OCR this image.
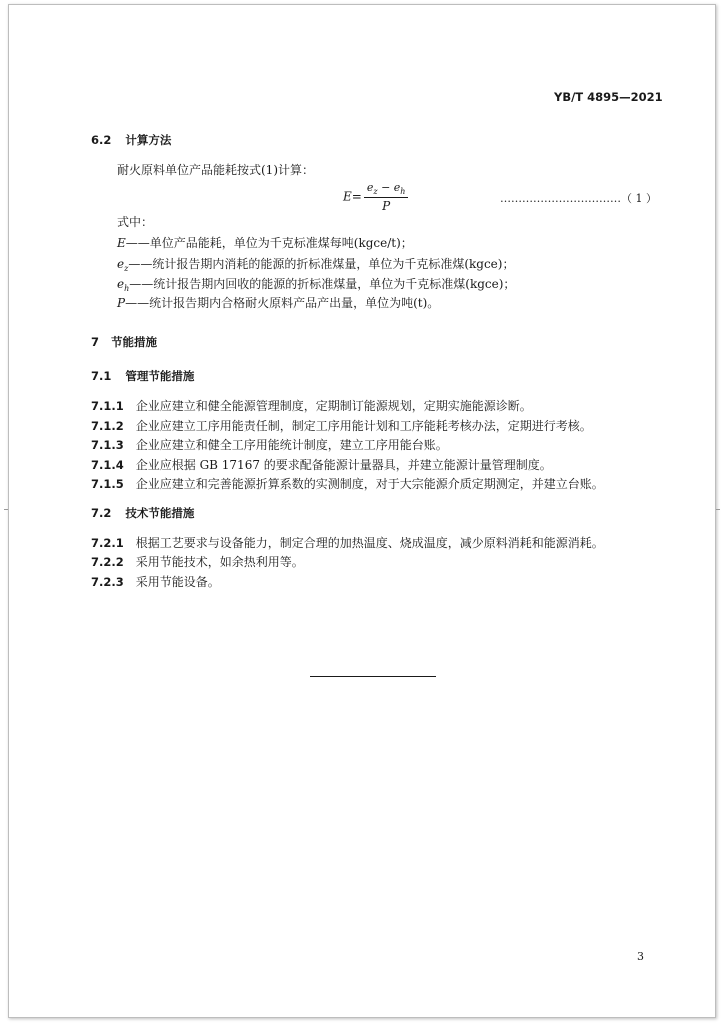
YB/T 4895—2021
6.2 计算方法
耐火原料单位产品能耗按式(1)计算：
$E= \frac{e_z - e_h}{P}$	……………………………（ 1 ）
式中：
E——单位产品能耗，单位为千克标准煤每吨(kgce/t)；
$e_z——$统计报告期内消耗的能源的折标准煤量，单位为千克标准煤(kgce)；
$e_h——$统计报告期内回收的能源的折标准煤量，单位为千克标准煤(kgce)；
P——统计报告期内合格耐火原料产品产出量，单位为吨(t)。
7 节能措施
7.1 管理节能措施
7.1.1 企业应建立和健全能源管理制度，定期制订能源规划，定期实施能源诊断。
7.1.2 企业应建立工序用能责任制，制定工序用能计划和工序能耗考核办法，定期进行考核。
7.1.3 企业应建立和健全工序用能统计制度，建立工序用能台账。
7.1.4 企业应根据 GB 17167 的要求配备能源计量器具，并建立能源计量管理制度。
7.1.5 企业应建立和完善能源折算系数的实测制度，对于大宗能源介质定期测定，并建立台账。
7.2 技术节能措施
7.2.1 根据工艺要求与设备能力，制定合理的加热温度、烧成温度，减少原料消耗和能源消耗。
7.2.2 采用节能技术，如余热利用等。
7.2.3 采用节能设备。
3
